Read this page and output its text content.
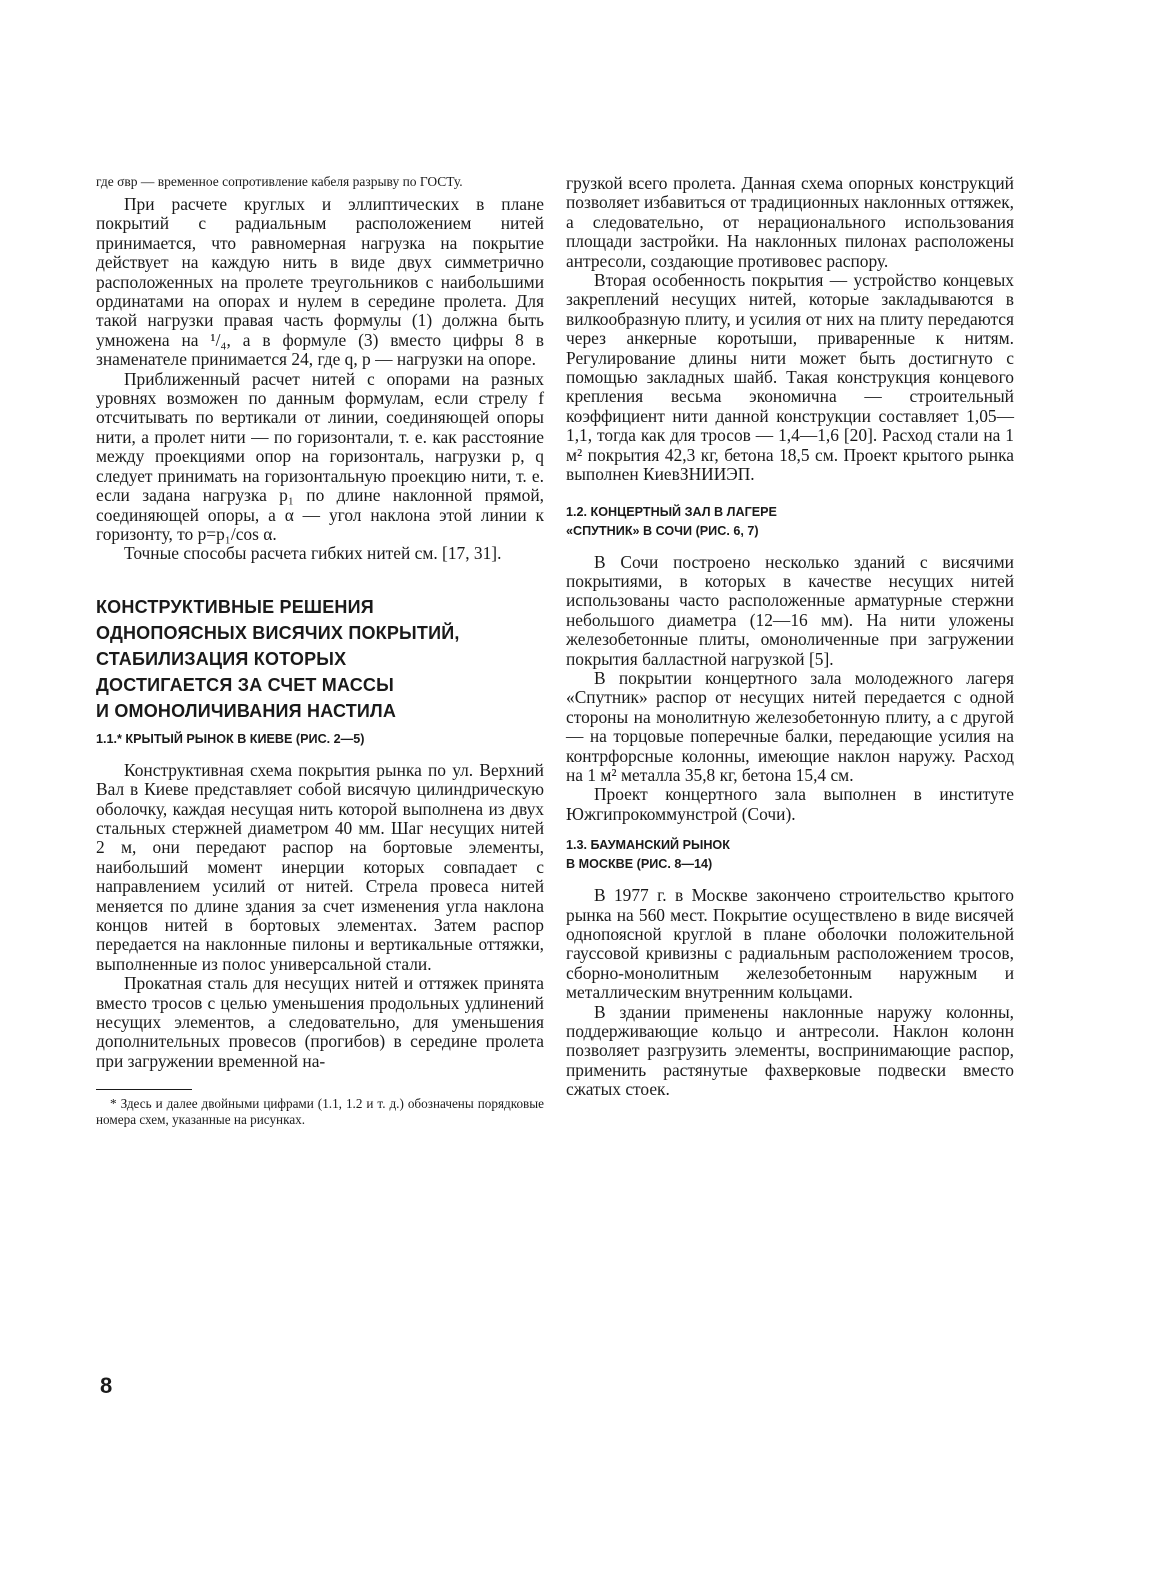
где σвр — временное сопротивление кабеля разрыву по ГОСТу.

При расчете круглых и эллиптических в плане покрытий с радиальным расположением нитей принимается, что равномерная нагрузка на покрытие действует на каждую нить в виде двух симметрично расположенных на пролете треугольников с наибольшими ординатами на опорах и нулем в середине пролета. Для такой нагрузки правая часть формулы (1) должна быть умножена на ¹/₄, а в формуле (3) вместо цифры 8 в знаменателе принимается 24, где q, p — нагрузки на опоре.

Приближенный расчет нитей с опорами на разных уровнях возможен по данным формулам, если стрелу f отсчитывать по вертикали от линии, соединяющей опоры нити, а пролет нити — по горизонтали, т. е. как расстояние между проекциями опор на горизонталь, нагрузки p, q следует принимать на горизонтальную проекцию нити, т. е. если задана нагрузка p₁ по длине наклонной прямой, соединяющей опоры, а α — угол наклона этой линии к горизонту, то p=p₁/cos α.

Точные способы расчета гибких нитей см. [17, 31].

КОНСТРУКТИВНЫЕ РЕШЕНИЯ
ОДНОПОЯСНЫХ ВИСЯЧИХ ПОКРЫТИЙ,
СТАБИЛИЗАЦИЯ КОТОРЫХ
ДОСТИГАЕТСЯ ЗА СЧЕТ МАССЫ
И ОМОНОЛИЧИВАНИЯ НАСТИЛА
1.1.* КРЫТЫЙ РЫНОК В КИЕВЕ (РИС. 2—5)

Конструктивная схема покрытия рынка по ул. Верхний Вал в Киеве представляет собой висячую цилиндрическую оболочку, каждая несущая нить которой выполнена из двух стальных стержней диаметром 40 мм. Шаг несущих нитей 2 м, они передают распор на бортовые элементы, наибольший момент инерции которых совпадает с направлением усилий от нитей. Стрела провеса нитей меняется по длине здания за счет изменения угла наклона концов нитей в бортовых элементах. Затем распор передается на наклонные пилоны и вертикальные оттяжки, выполненные из полос универсальной стали.

Прокатная сталь для несущих нитей и оттяжек принята вместо тросов с целью уменьшения продольных удлинений несущих элементов, а следовательно, для уменьшения дополнительных провесов (прогибов) в середине пролета при загружении временной на-

* Здесь и далее двойными цифрами (1.1, 1.2 и т. д.) обозначены порядковые номера схем, указанные на рисунках.

грузкой всего пролета. Данная схема опорных конструкций позволяет избавиться от традиционных наклонных оттяжек, а следовательно, от нерационального использования площади застройки. На наклонных пилонах расположены антресоли, создающие противовес распору.

Вторая особенность покрытия — устройство концевых закреплений несущих нитей, которые закладываются в вилкообразную плиту, и усилия от них на плиту передаются через анкерные коротыши, приваренные к нитям. Регулирование длины нити может быть достигнуто с помощью закладных шайб. Такая конструкция концевого крепления весьма экономична — строительный коэффициент нити данной конструкции составляет 1,05—1,1, тогда как для тросов — 1,4—1,6 [20]. Расход стали на 1 м² покрытия 42,3 кг, бетона 18,5 см. Проект крытого рынка выполнен КиевЗНИИЭП.

1.2. КОНЦЕРТНЫЙ ЗАЛ В ЛАГЕРЕ
«СПУТНИК» В СОЧИ (РИС. 6, 7)

В Сочи построено несколько зданий с висячими покрытиями, в которых в качестве несущих нитей использованы часто расположенные арматурные стержни небольшого диаметра (12—16 мм). На нити уложены железобетонные плиты, омоноличенные при загружении покрытия балластной нагрузкой [5].

В покрытии концертного зала молодежного лагеря «Спутник» распор от несущих нитей передается с одной стороны на монолитную железобетонную плиту, а с другой — на торцовые поперечные балки, передающие усилия на контрфорсные колонны, имеющие наклон наружу. Расход на 1 м² металла 35,8 кг, бетона 15,4 см.

Проект концертного зала выполнен в институте Южгипрокоммунстрой (Сочи).

1.3. БАУМАНСКИЙ РЫНОК
В МОСКВЕ (РИС. 8—14)

В 1977 г. в Москве закончено строительство крытого рынка на 560 мест. Покрытие осуществлено в виде висячей однопоясной круглой в плане оболочки положительной гауссовой кривизны с радиальным расположением тросов, сборно-монолитным железобетонным наружным и металлическим внутренним кольцами.

В здании применены наклонные наружу колонны, поддерживающие кольцо и антресоли. Наклон колонн позволяет разгрузить элементы, воспринимающие распор, применить растянутые фахверковые подвески вместо сжатых стоек.

8
